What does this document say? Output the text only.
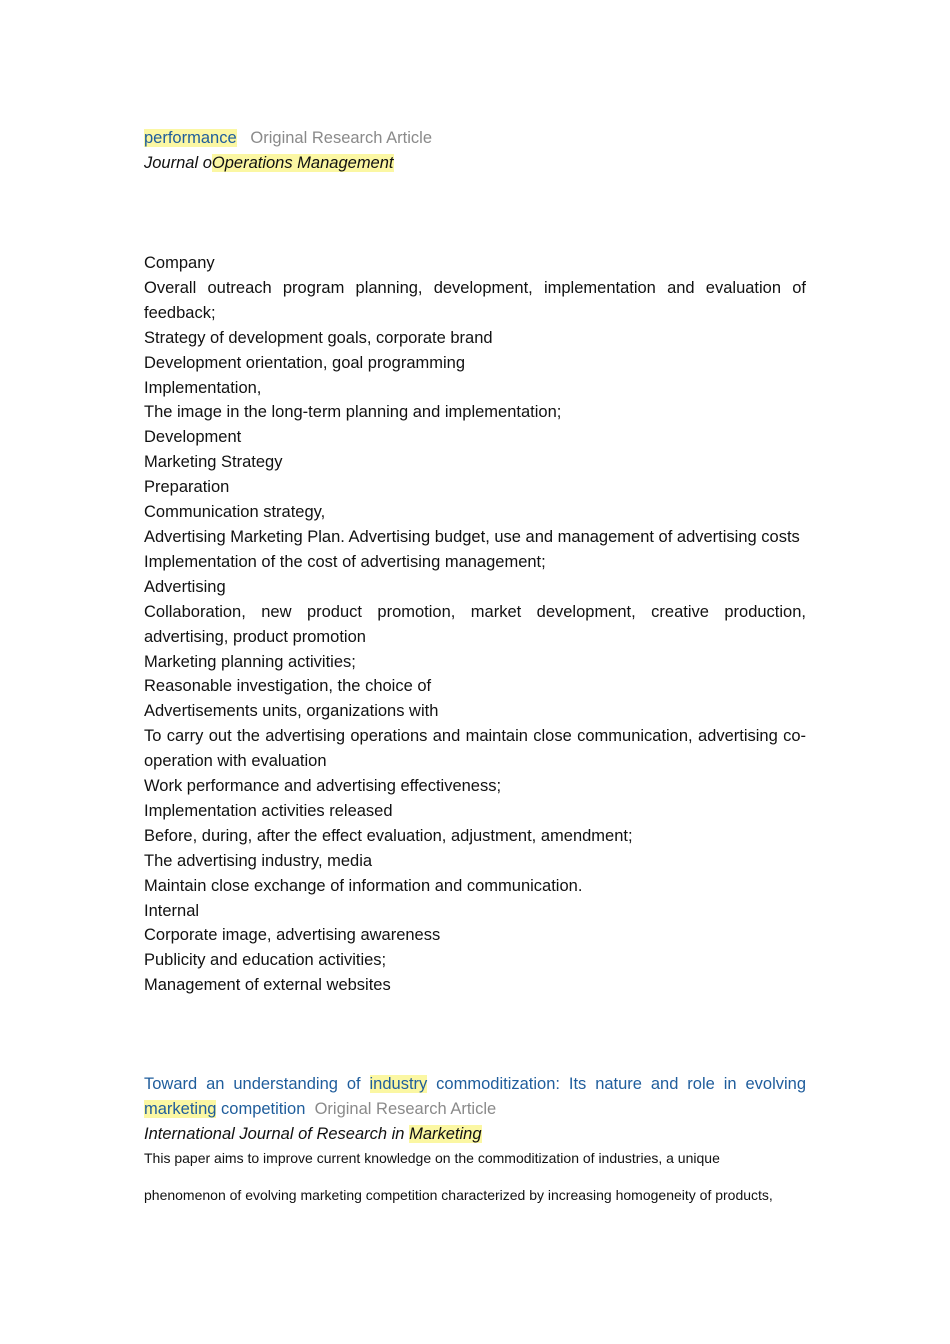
performance Original Research Article
Journal oOperations Management

Company

Overall outreach program planning, development, implementation and evaluation of feedback;

Strategy of development goals, corporate brand

Development orientation, goal programming

Implementation,

The image in the long-term planning and implementation;

Development

Marketing Strategy

Preparation

Communication strategy,

Advertising Marketing Plan. Advertising budget, use and management of advertising costs

Implementation of the cost of advertising management;

Advertising

Collaboration, new product promotion, market development, creative production, advertising, product promotion

Marketing planning activities;

Reasonable investigation, the choice of

Advertisements units, organizations with

To carry out the advertising operations and maintain close communication, advertising co-operation with evaluation

Work performance and advertising effectiveness;

Implementation activities released

Before, during, after the effect evaluation, adjustment, amendment;

The advertising industry, media

Maintain close exchange of information and communication.

Internal

Corporate image, advertising awareness

Publicity and education activities;

Management of external websites

Toward an understanding of industry commoditization: Its nature and role in evolving marketing competition Original Research Article
International Journal of Research in Marketing

This paper aims to improve current knowledge on the commoditization of industries, a unique

phenomenon of evolving marketing competition characterized by increasing homogeneity of products,
